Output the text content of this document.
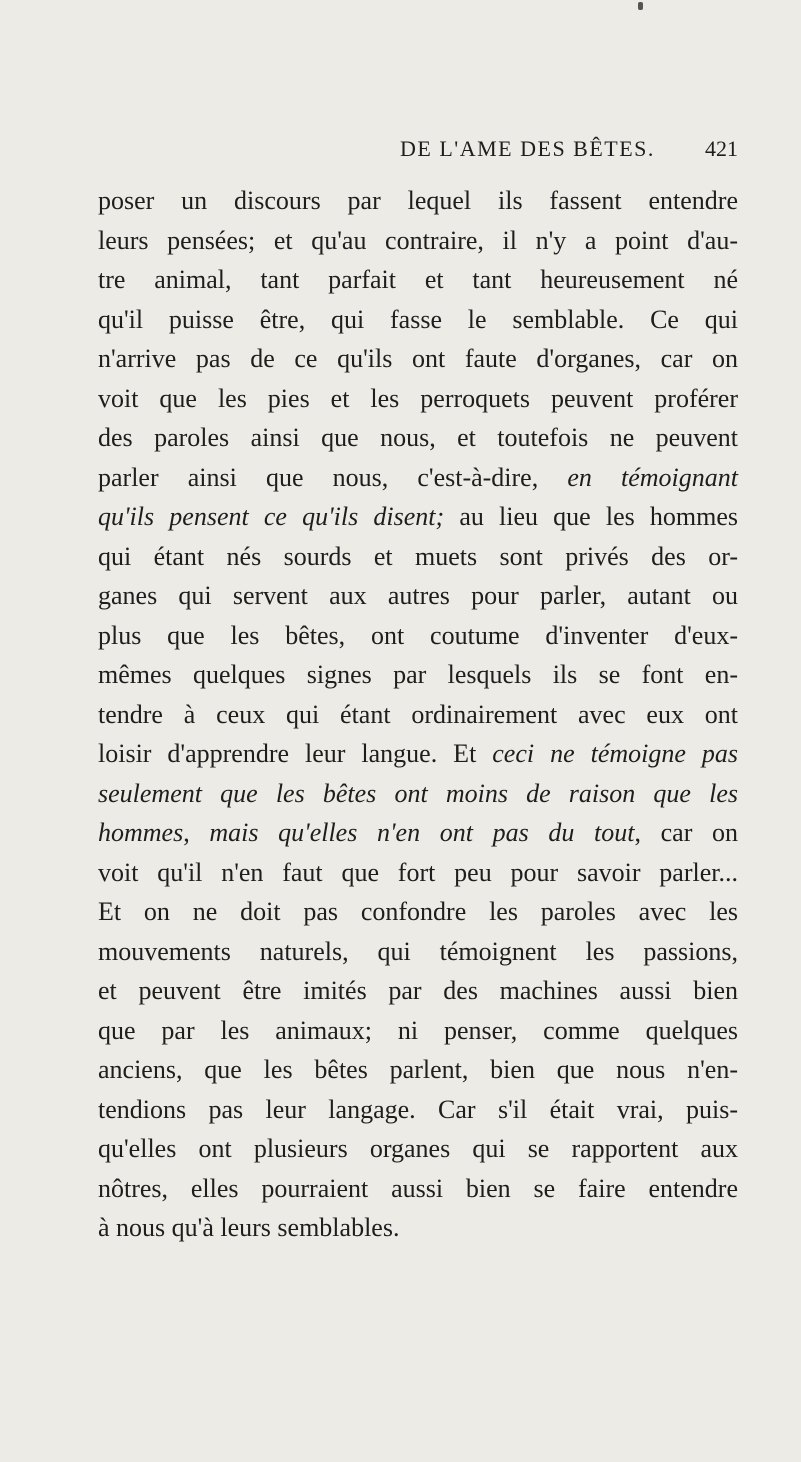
DE L'AME DES BÊTES. 421
poser un discours par lequel ils fassent entendre
leurs pensées; et qu'au contraire, il n'y a point d'au-
tre animal, tant parfait et tant heureusement né
qu'il puisse être, qui fasse le semblable. Ce qui
n'arrive pas de ce qu'ils ont faute d'organes, car on
voit que les pies et les perroquets peuvent proférer
des paroles ainsi que nous, et toutefois ne peuvent
parler ainsi que nous, c'est-à-dire, en témoignant
qu'ils pensent ce qu'ils disent; au lieu que les hommes
qui étant nés sourds et muets sont privés des or-
ganes qui servent aux autres pour parler, autant ou
plus que les bêtes, ont coutume d'inventer d'eux-
mêmes quelques signes par lesquels ils se font en-
tendre à ceux qui étant ordinairement avec eux ont
loisir d'apprendre leur langue. Et ceci ne témoigne pas
seulement que les bêtes ont moins de raison que les
hommes, mais qu'elles n'en ont pas du tout, car on
voit qu'il n'en faut que fort peu pour savoir parler...
Et on ne doit pas confondre les paroles avec les
mouvements naturels, qui témoignent les passions,
et peuvent être imités par des machines aussi bien
que par les animaux; ni penser, comme quelques
anciens, que les bêtes parlent, bien que nous n'en-
tendions pas leur langage. Car s'il était vrai, puis-
qu'elles ont plusieurs organes qui se rapportent aux
nôtres, elles pourraient aussi bien se faire entendre
à nous qu'à leurs semblables.
